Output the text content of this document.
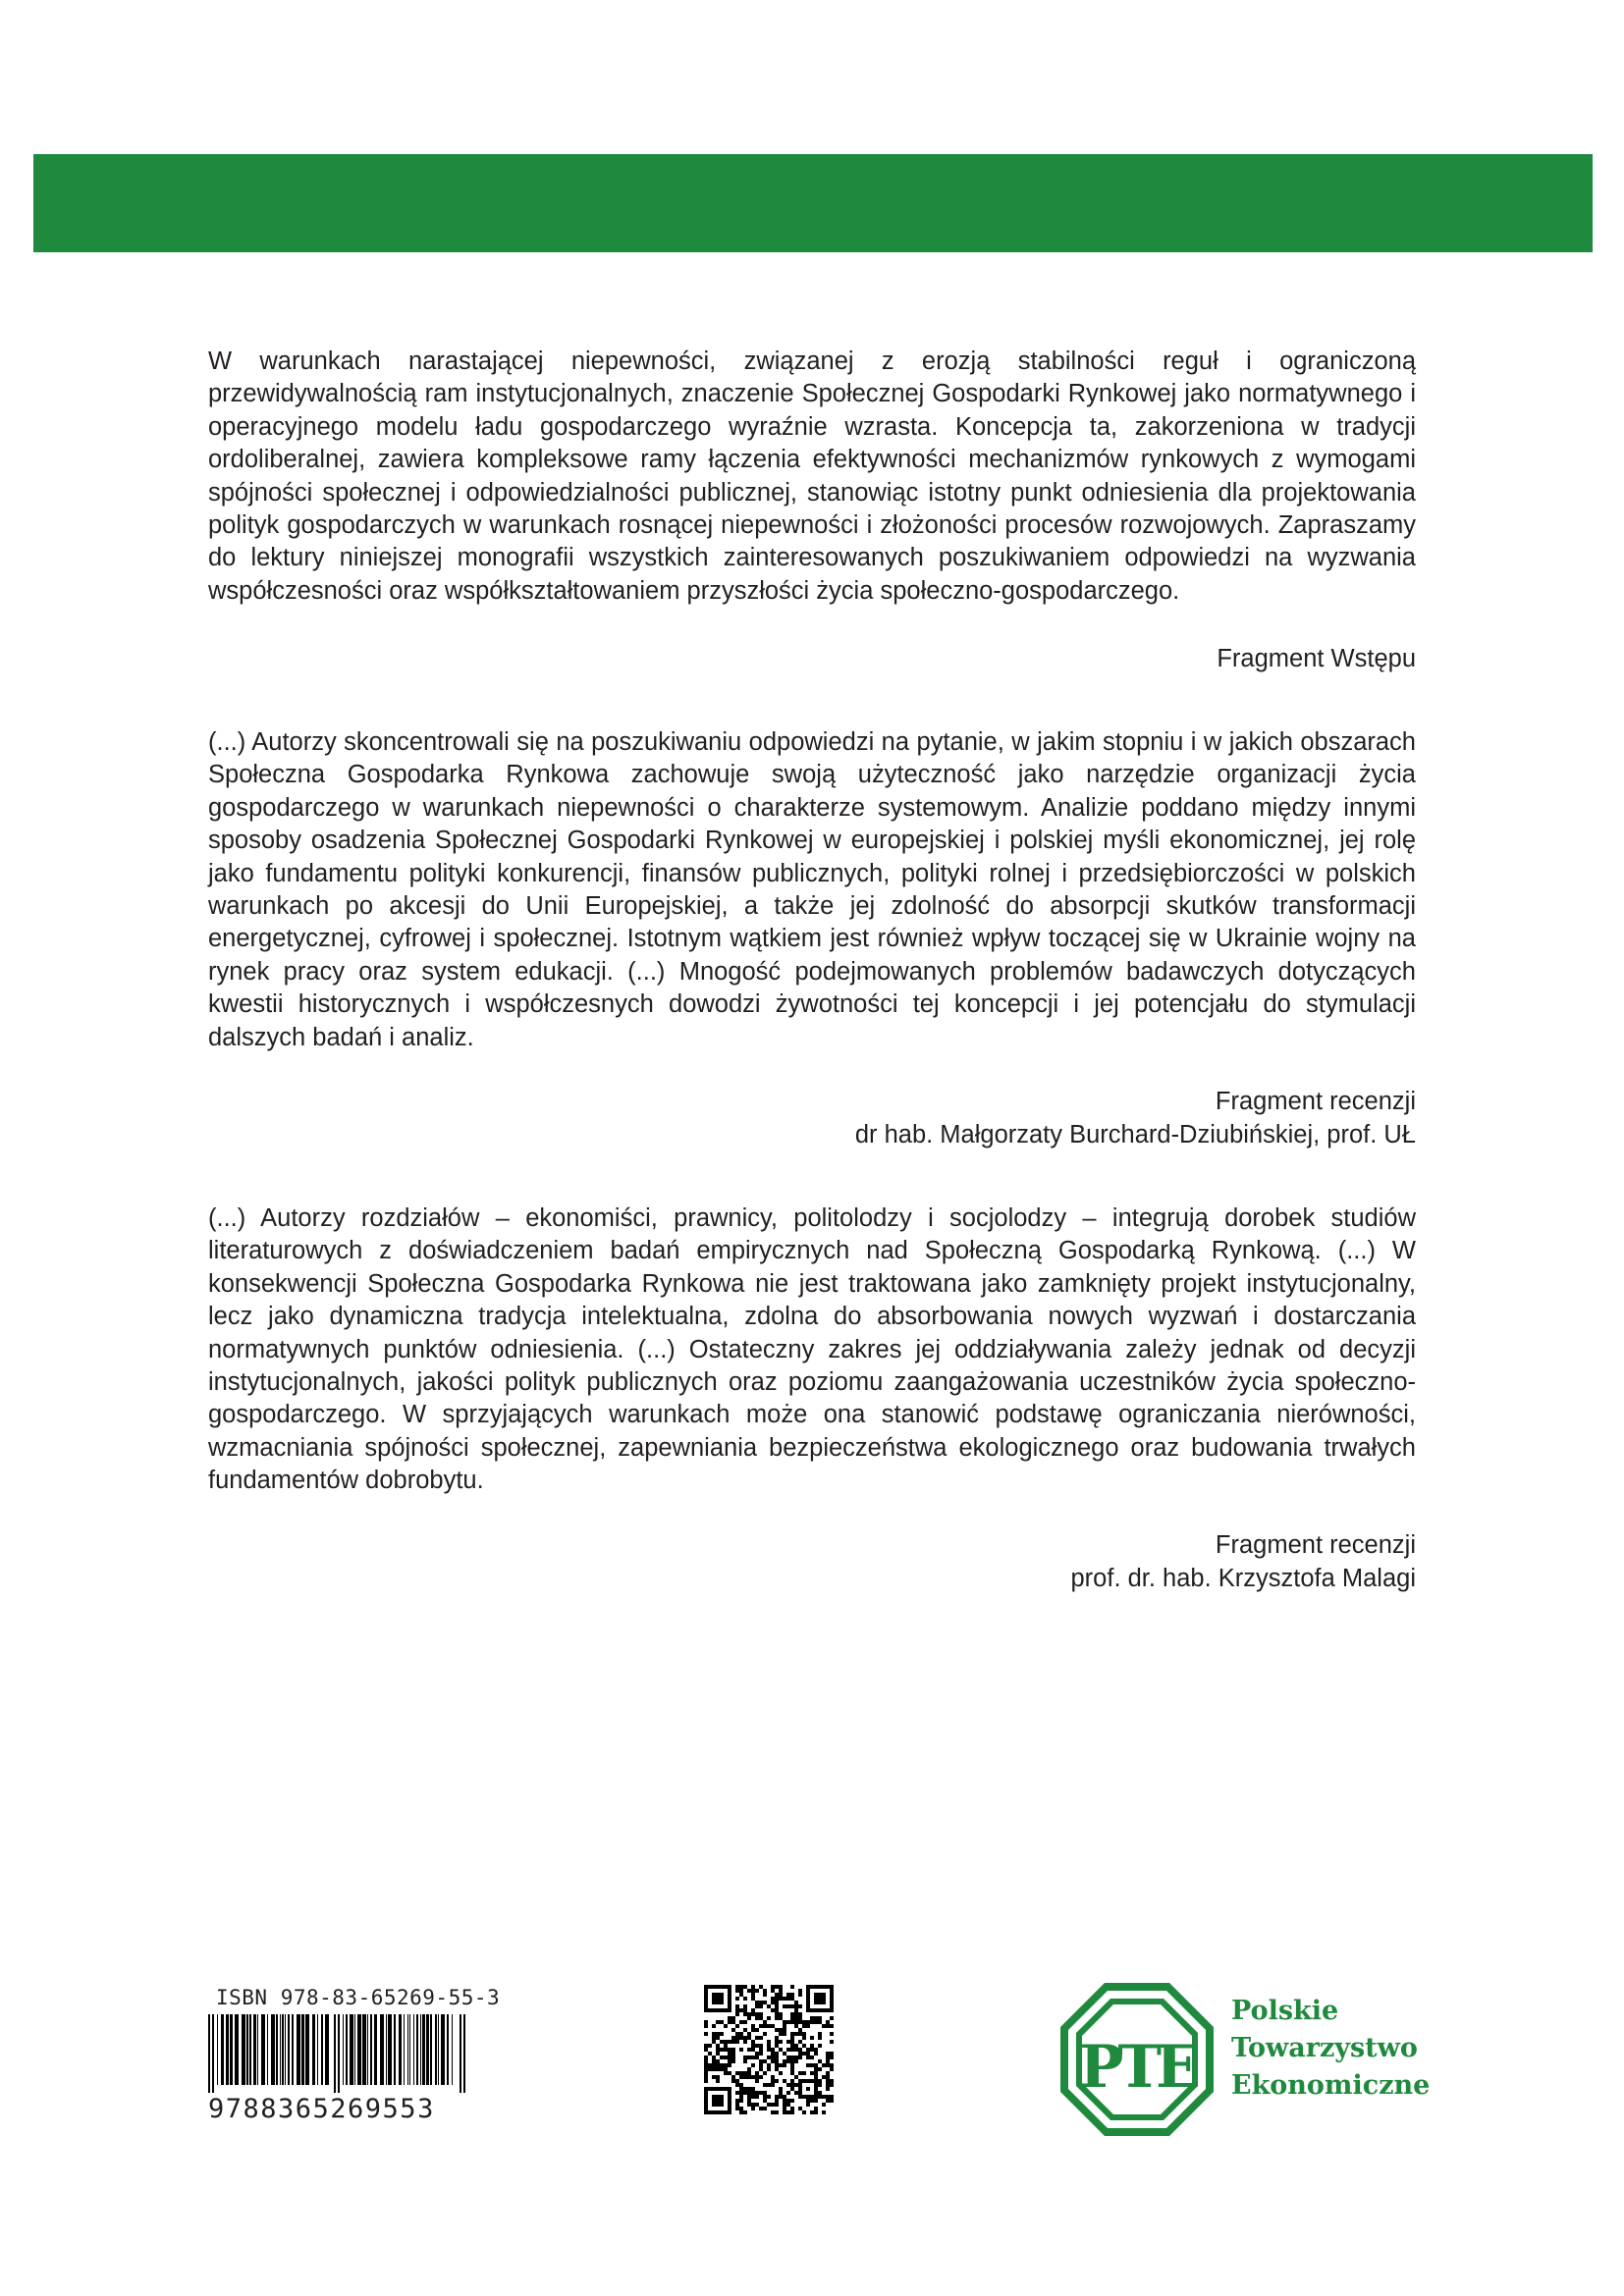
W warunkach narastającej niepewności, związanej z erozją stabilności reguł i ograniczoną przewidywalnością ram instytucjonalnych, znaczenie Społecznej Gospodarki Rynkowej jako normatywnego i operacyjnego modelu ładu gospodarczego wyraźnie wzrasta. Koncepcja ta, zakorzeniona w tradycji ordoliberalnej, zawiera kompleksowe ramy łączenia efektywności mechanizmów rynkowych z wymogami spójności społecznej i odpowiedzialności publicznej, stanowiąc istotny punkt odniesienia dla projektowania polityk gospodarczych w warunkach rosnącej niepewności i złożoności procesów rozwojowych. Zapraszamy do lektury niniejszej monografii wszystkich zainteresowanych poszukiwaniem odpowiedzi na wyzwania współczesności oraz współkształtowaniem przyszłości życia społeczno-gospodarczego.

Fragment Wstępu

(...) Autorzy skoncentrowali się na poszukiwaniu odpowiedzi na pytanie, w jakim stopniu i w jakich obszarach Społeczna Gospodarka Rynkowa zachowuje swoją użyteczność jako narzędzie organizacji życia gospodarczego w warunkach niepewności o charakterze systemowym. Analizie poddano między innymi sposoby osadzenia Społecznej Gospodarki Rynkowej w europejskiej i polskiej myśli ekonomicznej, jej rolę jako fundamentu polityki konkurencji, finansów publicznych, polityki rolnej i przedsiębiorczości w polskich warunkach po akcesji do Unii Europejskiej, a także jej zdolność do absorpcji skutków transformacji energetycznej, cyfrowej i społecznej. Istotnym wątkiem jest również wpływ toczącej się w Ukrainie wojny na rynek pracy oraz system edukacji. (...) Mnogość podejmowanych problemów badawczych dotyczących kwestii historycznych i współczesnych dowodzi żywotności tej koncepcji i jej potencjału do stymulacji dalszych badań i analiz.

Fragment recenzji

dr hab. Małgorzaty Burchard-Dziubińskiej, prof. UŁ

(...) Autorzy rozdziałów – ekonomiści, prawnicy, politolodzy i socjolodzy – integrują dorobek studiów literaturowych z doświadczeniem badań empirycznych nad Społeczną Gospodarką Rynkową. (...) W konsekwencji Społeczna Gospodarka Rynkowa nie jest traktowana jako zamknięty projekt instytucjonalny, lecz jako dynamiczna tradycja intelektualna, zdolna do absorbowania nowych wyzwań i dostarczania normatywnych punktów odniesienia. (...) Ostateczny zakres jej oddziaływania zależy jednak od decyzji instytucjonalnych, jakości polityk publicznych oraz poziomu zaangażowania uczestników życia społeczno-gospodarczego. W sprzyjających warunkach może ona stanowić podstawę ograniczania nierówności, wzmacniania spójności społecznej, zapewniania bezpieczeństwa ekologicznego oraz budowania trwałych fundamentów dobrobytu.

Fragment recenzji

prof. dr. hab. Krzysztofa Malagi

ISBN 978-83-65269-55-3

9788365269553

PTE
Polskie
Towarzystwo
Ekonomiczne
